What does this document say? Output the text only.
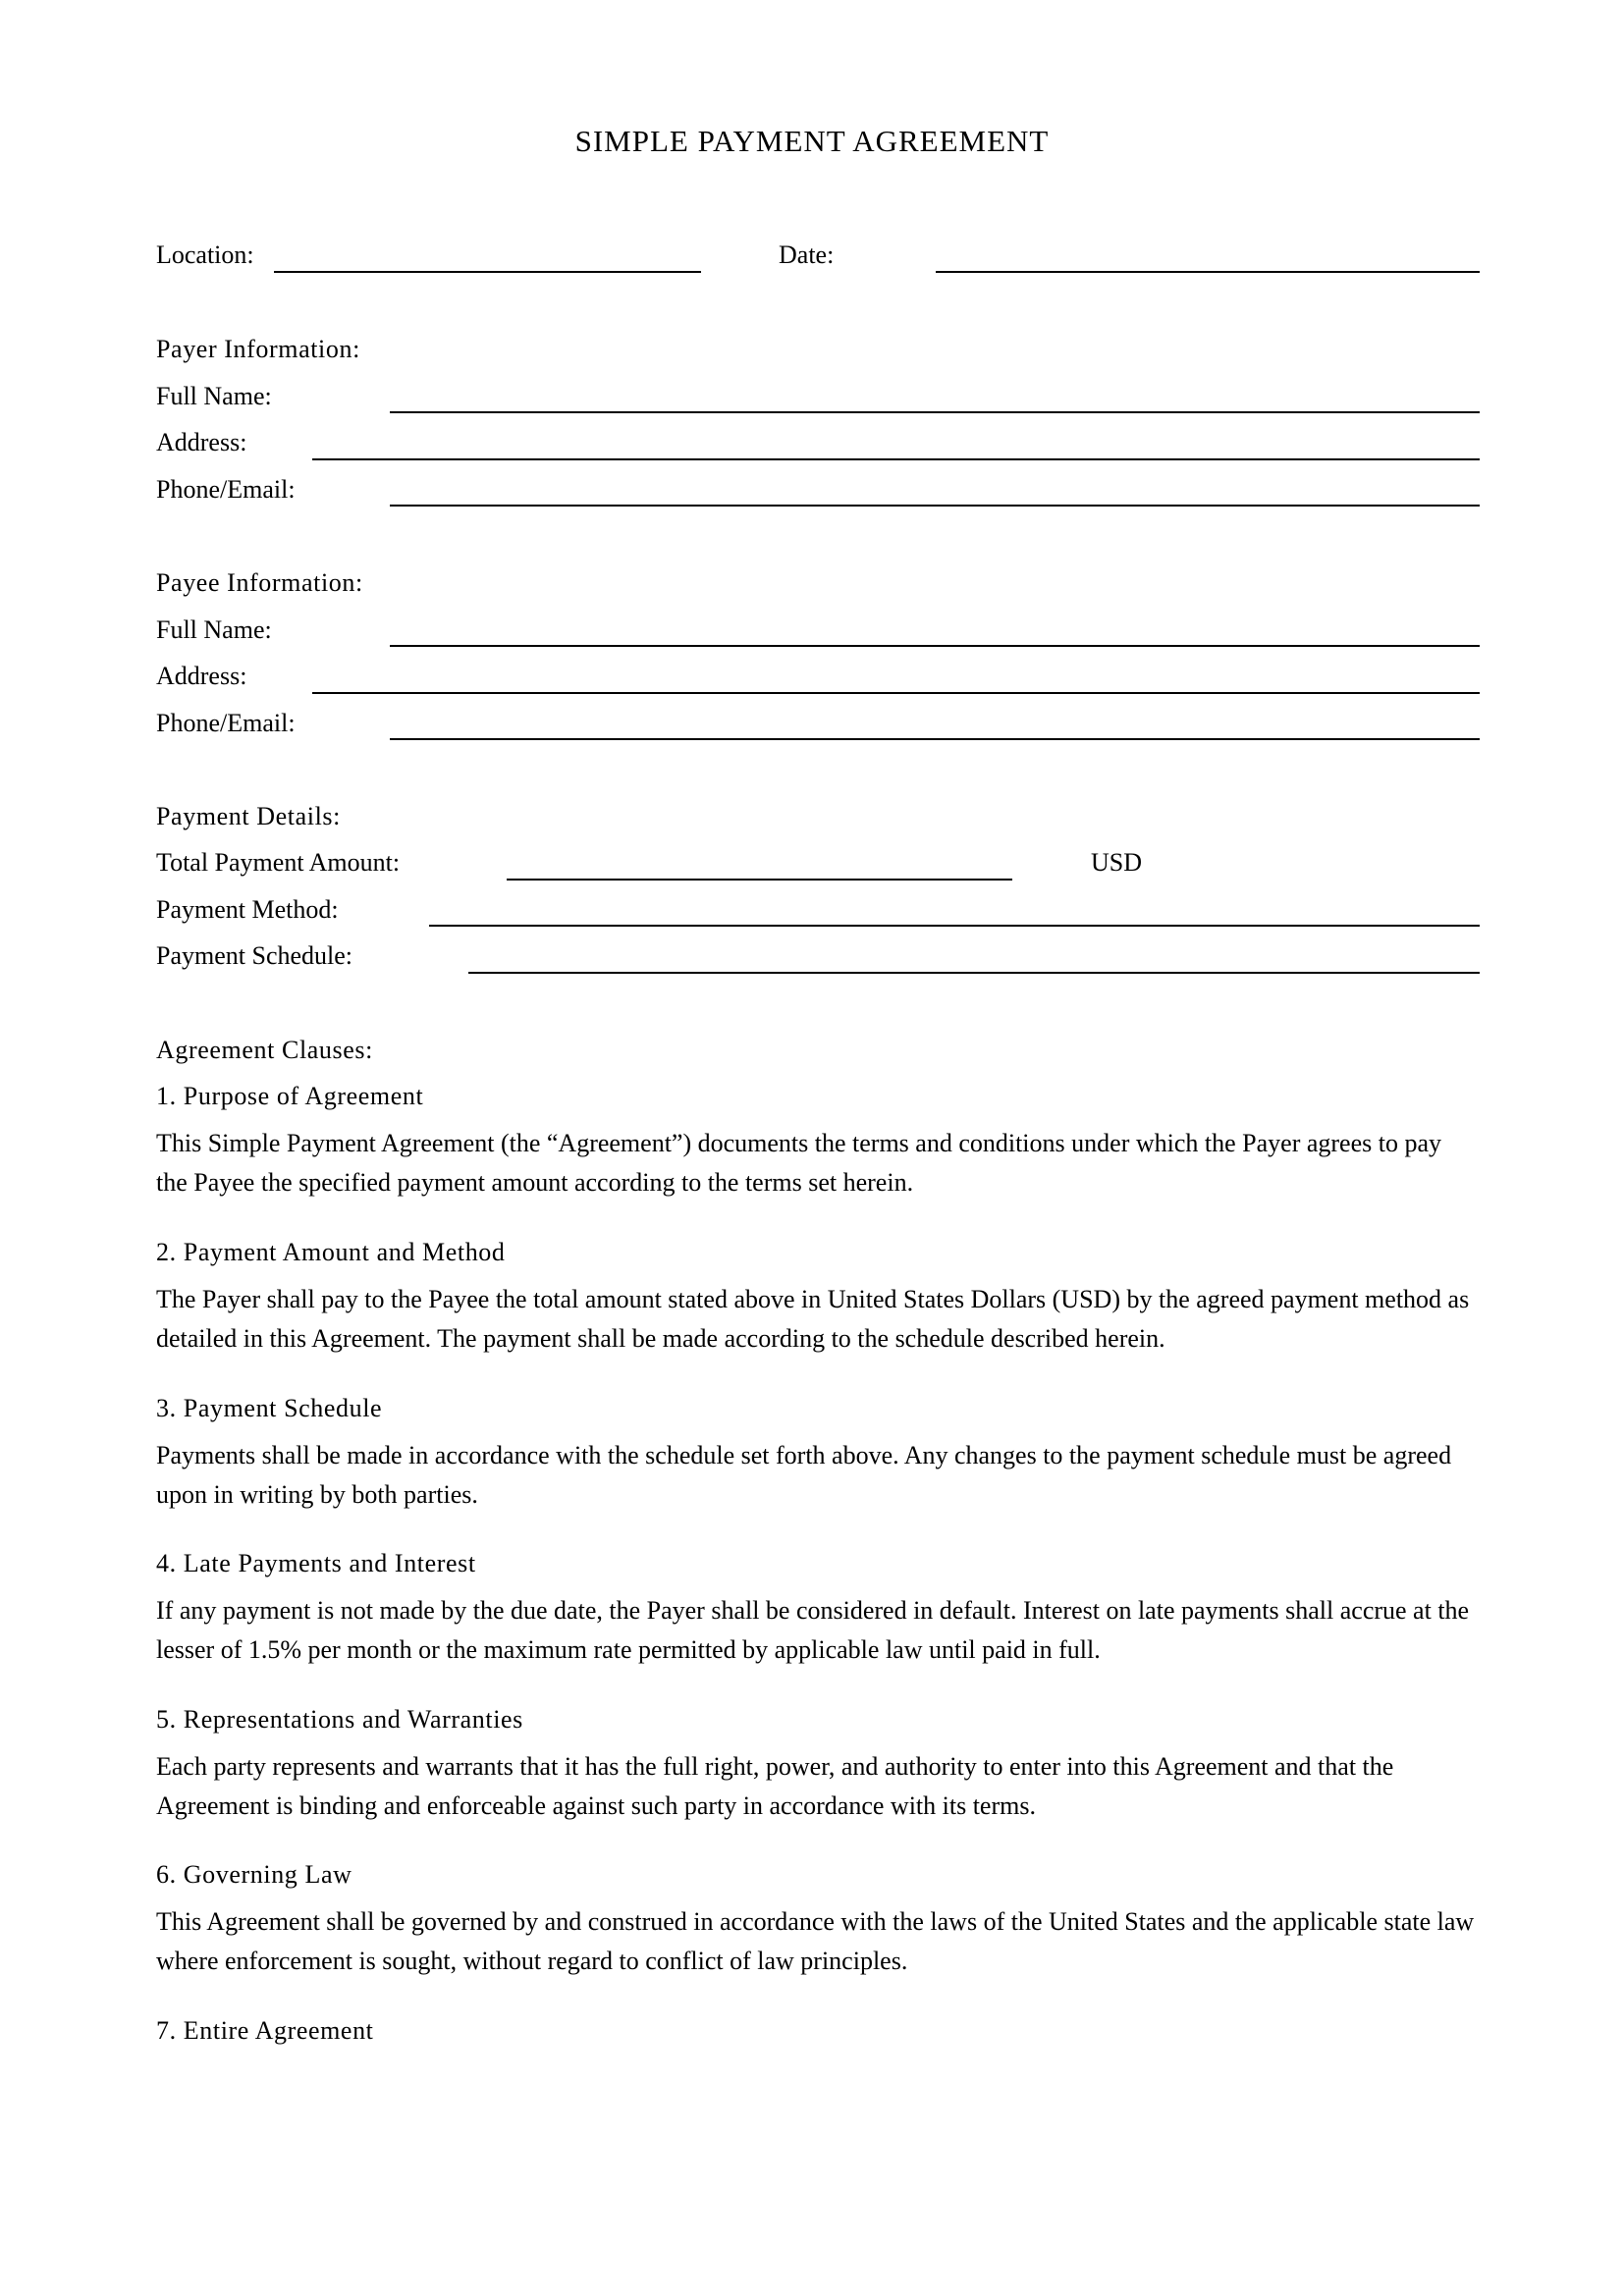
SIMPLE PAYMENT AGREEMENT
Location:	Date:
Payer Information:
Full Name:
Address:
Phone/Email:
Payee Information:
Full Name:
Address:
Phone/Email:
Payment Details:
Total Payment Amount:	USD
Payment Method:
Payment Schedule:
Agreement Clauses:
1. Purpose of Agreement
This Simple Payment Agreement (the “Agreement”) documents the terms and conditions under which the Payer agrees to pay the Payee the specified payment amount according to the terms set herein.
2. Payment Amount and Method
The Payer shall pay to the Payee the total amount stated above in United States Dollars (USD) by the agreed payment method as detailed in this Agreement. The payment shall be made according to the schedule described herein.
3. Payment Schedule
Payments shall be made in accordance with the schedule set forth above. Any changes to the payment schedule must be agreed upon in writing by both parties.
4. Late Payments and Interest
If any payment is not made by the due date, the Payer shall be considered in default. Interest on late payments shall accrue at the lesser of 1.5% per month or the maximum rate permitted by applicable law until paid in full.
5. Representations and Warranties
Each party represents and warrants that it has the full right, power, and authority to enter into this Agreement and that the Agreement is binding and enforceable against such party in accordance with its terms.
6. Governing Law
This Agreement shall be governed by and construed in accordance with the laws of the United States and the applicable state law where enforcement is sought, without regard to conflict of law principles.
7. Entire Agreement
